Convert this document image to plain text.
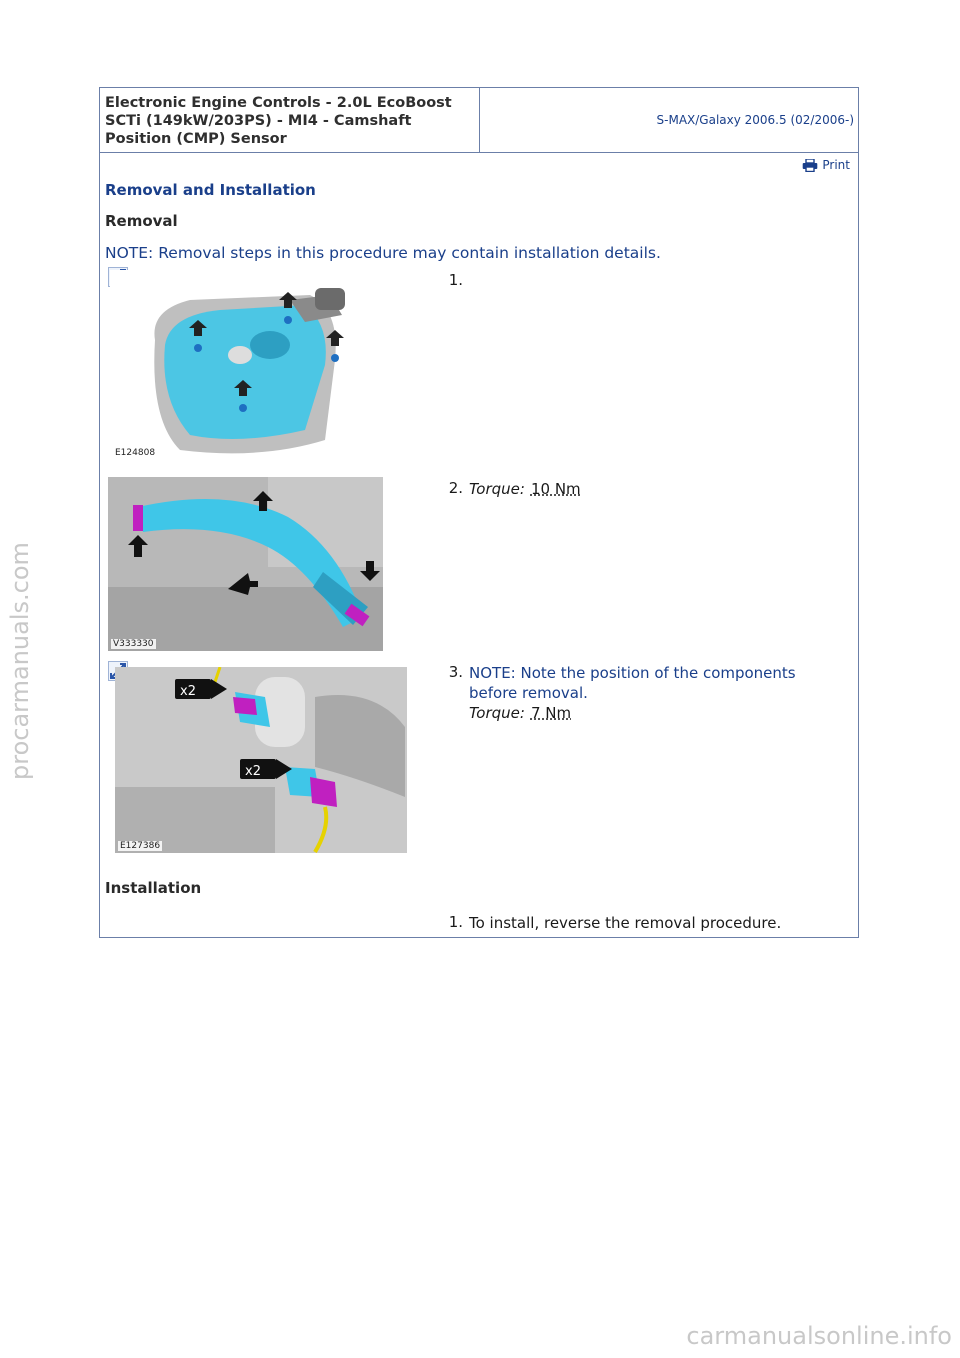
Electronic Engine Controls - 2.0L EcoBoost
SCTi (149kW/203PS) - MI4 - Camshaft
Position (CMP) Sensor
S-MAX/Galaxy 2006.5 (02/2006-)
Print
Removal and Installation
Removal
NOTE: Removal steps in this procedure may contain installation details.
E124808
1.
V333330
2. Torque: 10 Nm
x2
x2
E127386
3. NOTE: Note the position of the components
before removal.
Torque: 7 Nm
Installation
1. To install, reverse the removal procedure.
procarmanuals.com
carmanualsonline.info
